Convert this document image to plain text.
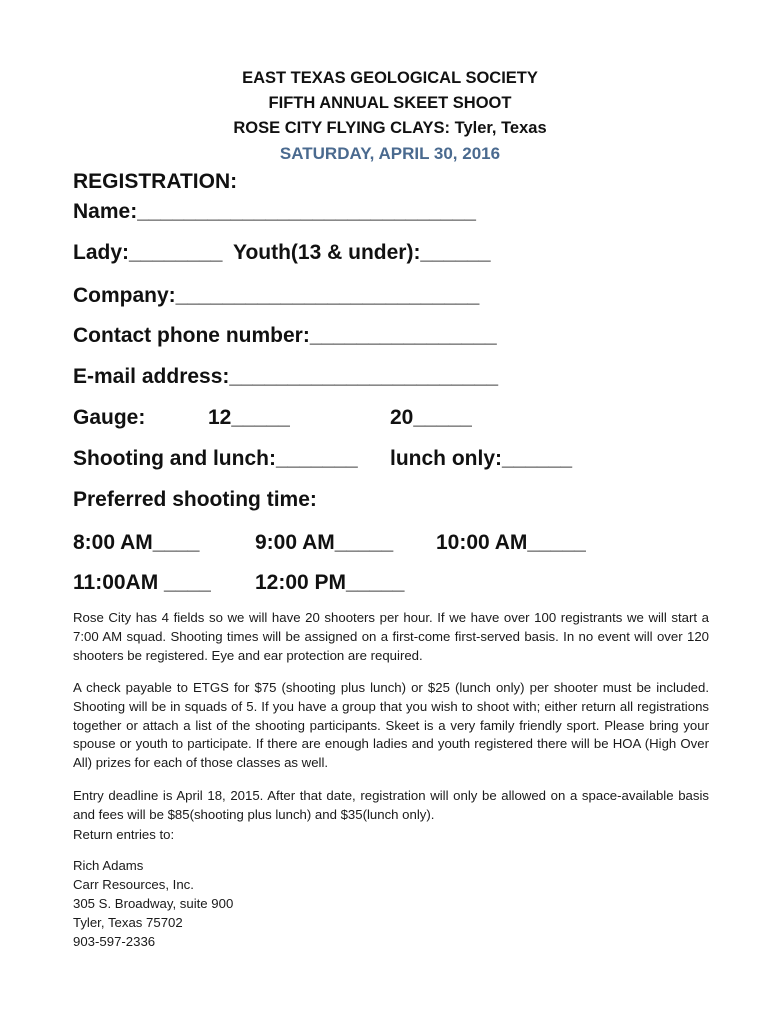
EAST TEXAS GEOLOGICAL SOCIETY
FIFTH ANNUAL SKEET SHOOT
ROSE CITY FLYING CLAYS: Tyler, Texas
SATURDAY, APRIL 30, 2016
REGISTRATION:
Name:_____________________________
Lady:________ Youth(13 & under):______
Company:__________________________
Contact phone number:________________
E-mail address:_______________________
Gauge:	12_____	20_____
Shooting and lunch:_______ lunch only:______
Preferred shooting time:
8:00 AM____	9:00 AM_____ 10:00 AM_____
11:00AM ____ 12:00 PM_____
Rose City has 4 fields so we will have 20 shooters per hour. If we have over 100 registrants we will start a 7:00 AM squad. Shooting times will be assigned on a first-come first-served basis. In no event will over 120 shooters be registered. Eye and ear protection are required.
A check payable to ETGS for $75 (shooting plus lunch) or $25 (lunch only) per shooter must be included. Shooting will be in squads of 5. If you have a group that you wish to shoot with; either return all registrations together or attach a list of the shooting participants. Skeet is a very family friendly sport. Please bring your spouse or youth to participate. If there are enough ladies and youth registered there will be HOA (High Over All) prizes for each of those classes as well.
Entry deadline is April 18, 2015. After that date, registration will only be allowed on a space-available basis and fees will be $85(shooting plus lunch) and $35(lunch only).
Return entries to:
Rich Adams
Carr Resources, Inc.
305 S. Broadway, suite 900
Tyler, Texas 75702
903-597-2336
